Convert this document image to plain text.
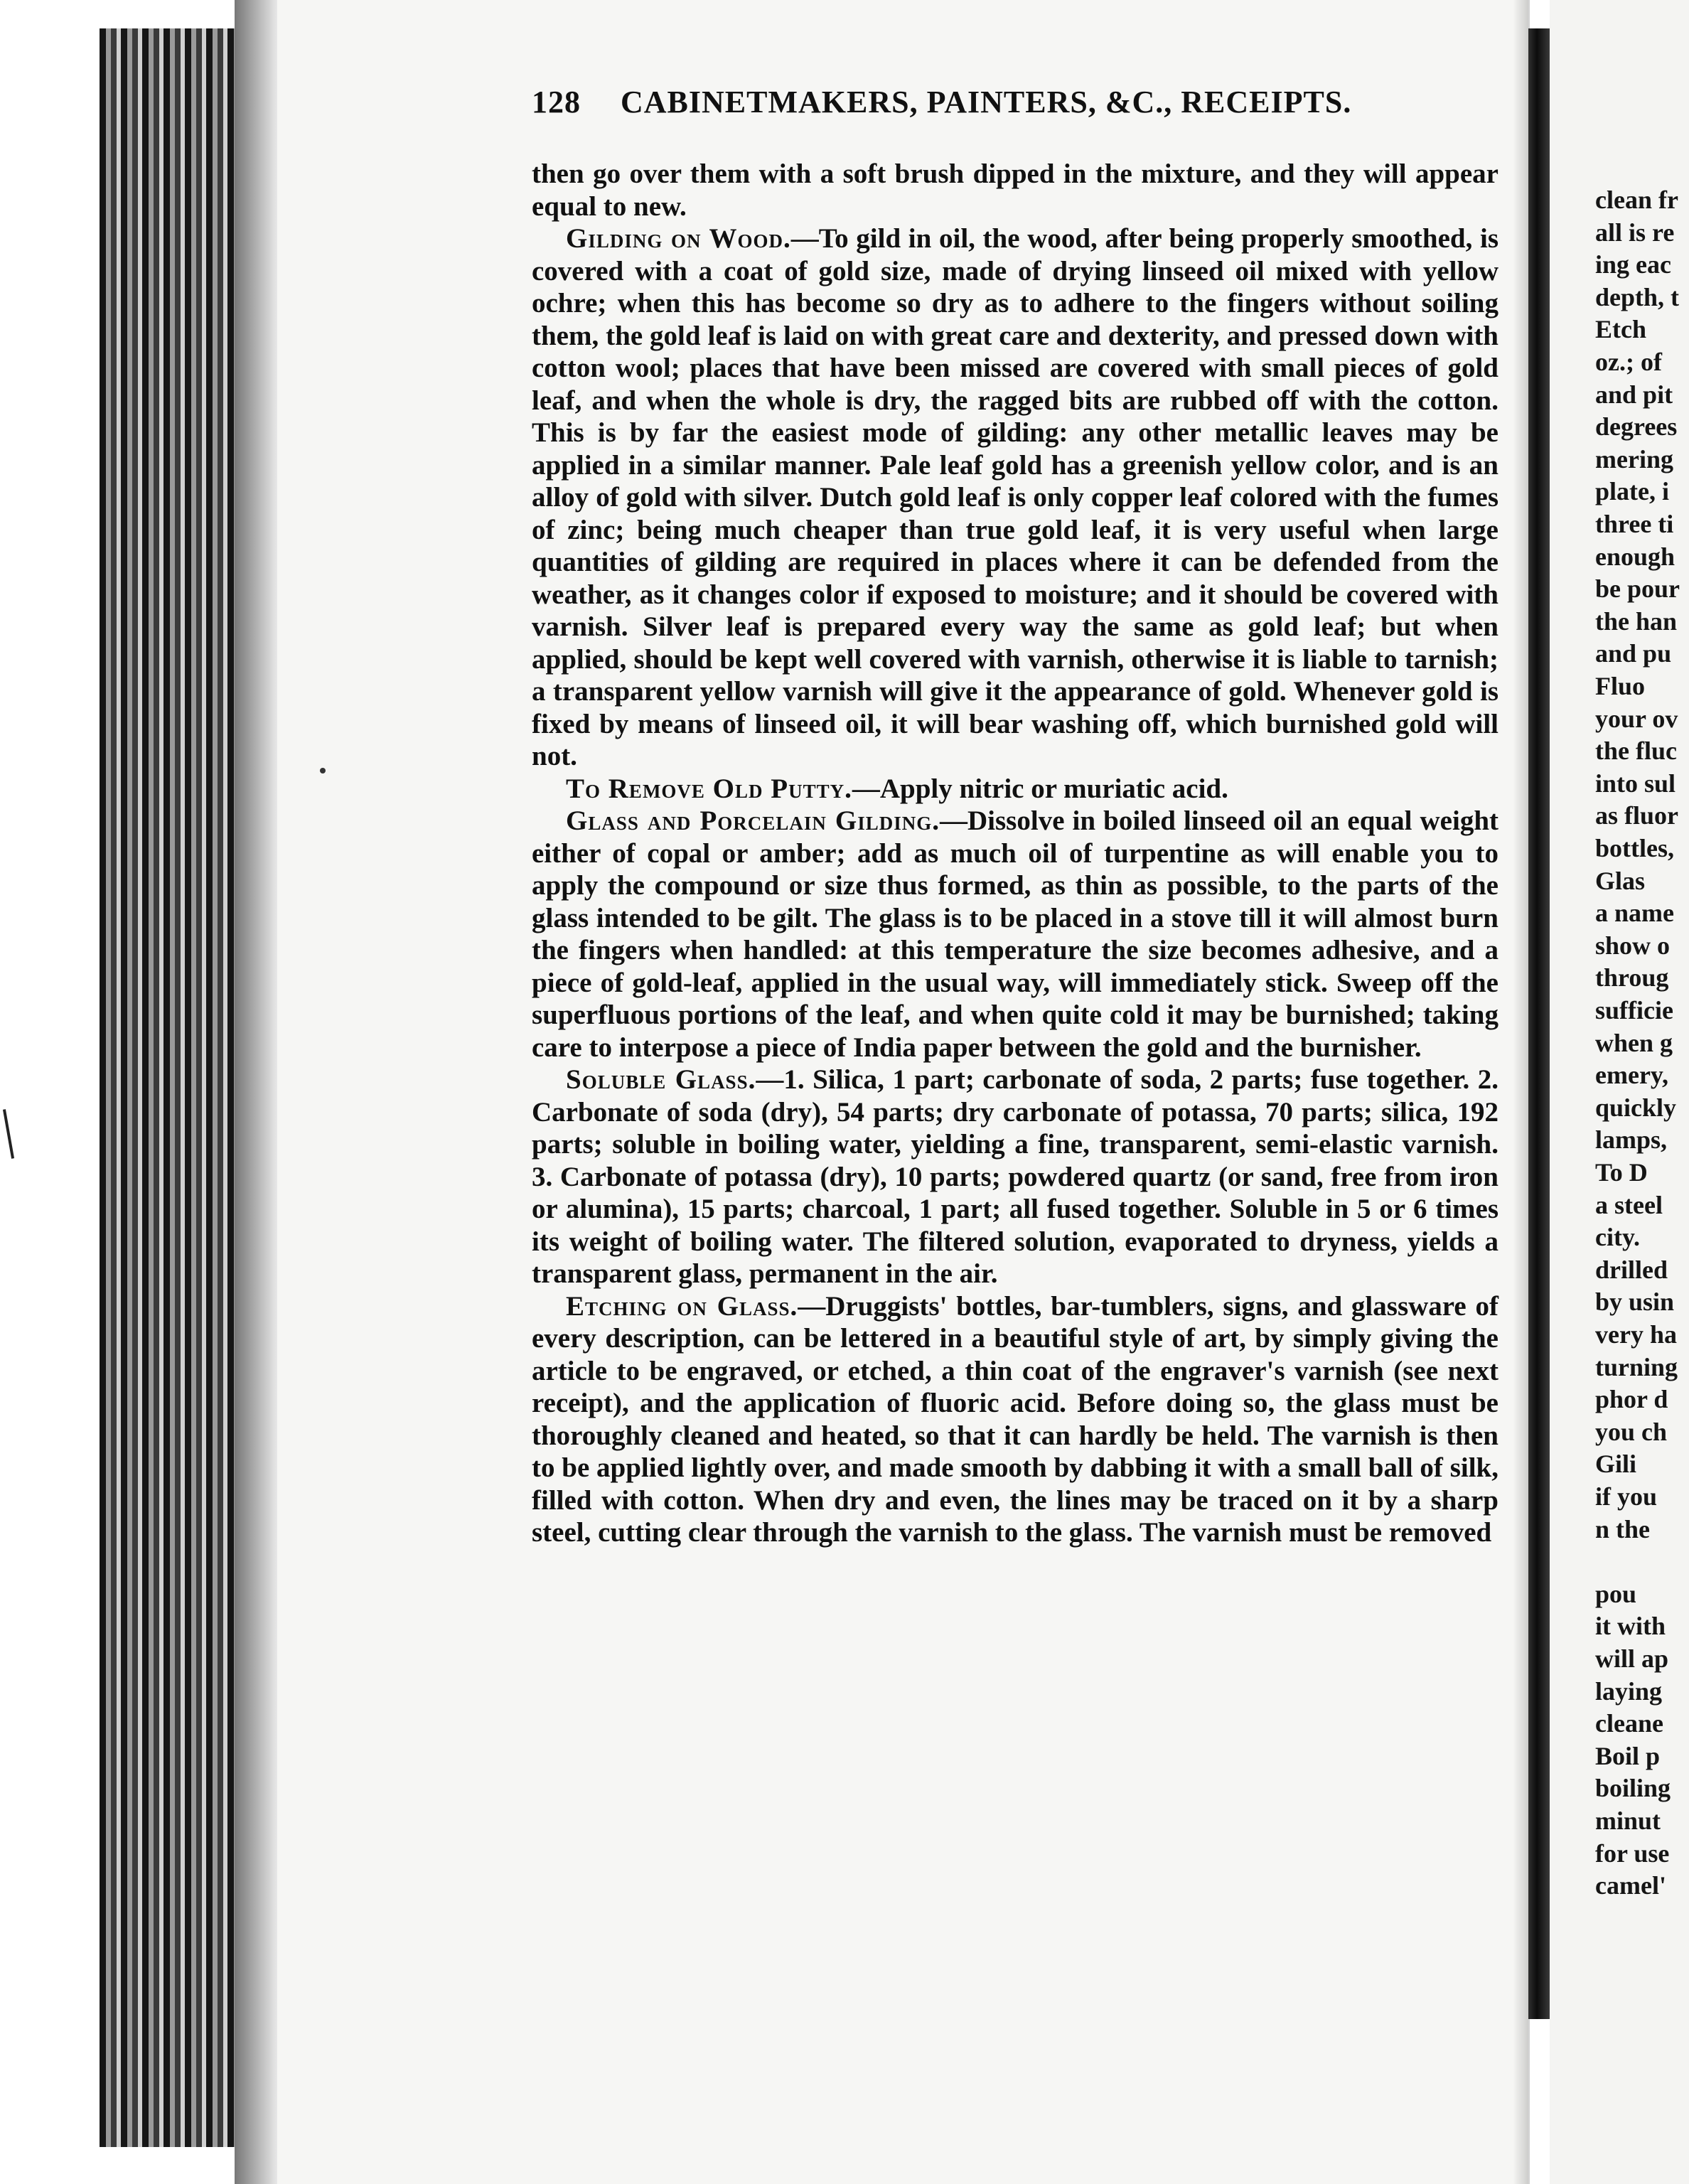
clean fr
all is re
ing eac
depth, t
Etch
oz.; of
and pit
degrees
mering
plate, i
three ti
enough
be pour
the han
and pu
Fluo
your ov
the fluc
into sul
as fluor
bottles,
Glas
a name
show o
throug
sufficie
when g
emery,
quickly
lamps,
To D
a steel
city.
drilled
by usin
very ha
turning
phor d
you ch
Gili
if you
n the
pou
it with
will ap
laying
cleane
Boil p
boiling
minut
for use
camel'
128 CABINETMAKERS, PAINTERS, &C., RECEIPTS.

then go over them with a soft brush dipped in the mixture, and they will appear equal to new.

Gilding on Wood.—To gild in oil, the wood, after being properly smoothed, is covered with a coat of gold size, made of drying linseed oil mixed with yellow ochre; when this has become so dry as to adhere to the fingers without soiling them, the gold leaf is laid on with great care and dexterity, and pressed down with cotton wool; places that have been missed are covered with small pieces of gold leaf, and when the whole is dry, the ragged bits are rubbed off with the cotton. This is by far the easiest mode of gilding: any other metallic leaves may be applied in a similar manner. Pale leaf gold has a greenish yellow color, and is an alloy of gold with silver. Dutch gold leaf is only copper leaf colored with the fumes of zinc; being much cheaper than true gold leaf, it is very useful when large quantities of gilding are required in places where it can be defended from the weather, as it changes color if exposed to moisture; and it should be covered with varnish. Silver leaf is prepared every way the same as gold leaf; but when applied, should be kept well covered with varnish, otherwise it is liable to tarnish; a transparent yellow varnish will give it the appearance of gold. Whenever gold is fixed by means of linseed oil, it will bear washing off, which burnished gold will not.

To Remove Old Putty.—Apply nitric or muriatic acid.

Glass and Porcelain Gilding.—Dissolve in boiled linseed oil an equal weight either of copal or amber; add as much oil of turpentine as will enable you to apply the compound or size thus formed, as thin as possible, to the parts of the glass intended to be gilt. The glass is to be placed in a stove till it will almost burn the fingers when handled: at this temperature the size becomes adhesive, and a piece of gold-leaf, applied in the usual way, will immediately stick. Sweep off the superfluous portions of the leaf, and when quite cold it may be burnished; taking care to interpose a piece of India paper between the gold and the burnisher.

Soluble Glass.—1. Silica, 1 part; carbonate of soda, 2 parts; fuse together. 2. Carbonate of soda (dry), 54 parts; dry carbonate of potassa, 70 parts; silica, 192 parts; soluble in boiling water, yielding a fine, transparent, semi-elastic varnish. 3. Carbonate of potassa (dry), 10 parts; powdered quartz (or sand, free from iron or alumina), 15 parts; charcoal, 1 part; all fused together. Soluble in 5 or 6 times its weight of boiling water. The filtered solution, evaporated to dryness, yields a transparent glass, permanent in the air.

Etching on Glass.—Druggists' bottles, bar-tumblers, signs, and glassware of every description, can be lettered in a beautiful style of art, by simply giving the article to be engraved, or etched, a thin coat of the engraver's varnish (see next receipt), and the application of fluoric acid. Before doing so, the glass must be thoroughly cleaned and heated, so that it can hardly be held. The varnish is then to be applied lightly over, and made smooth by dabbing it with a small ball of silk, filled with cotton. When dry and even, the lines may be traced on it by a sharp steel, cutting clear through the varnish to the glass. The varnish must be removed
